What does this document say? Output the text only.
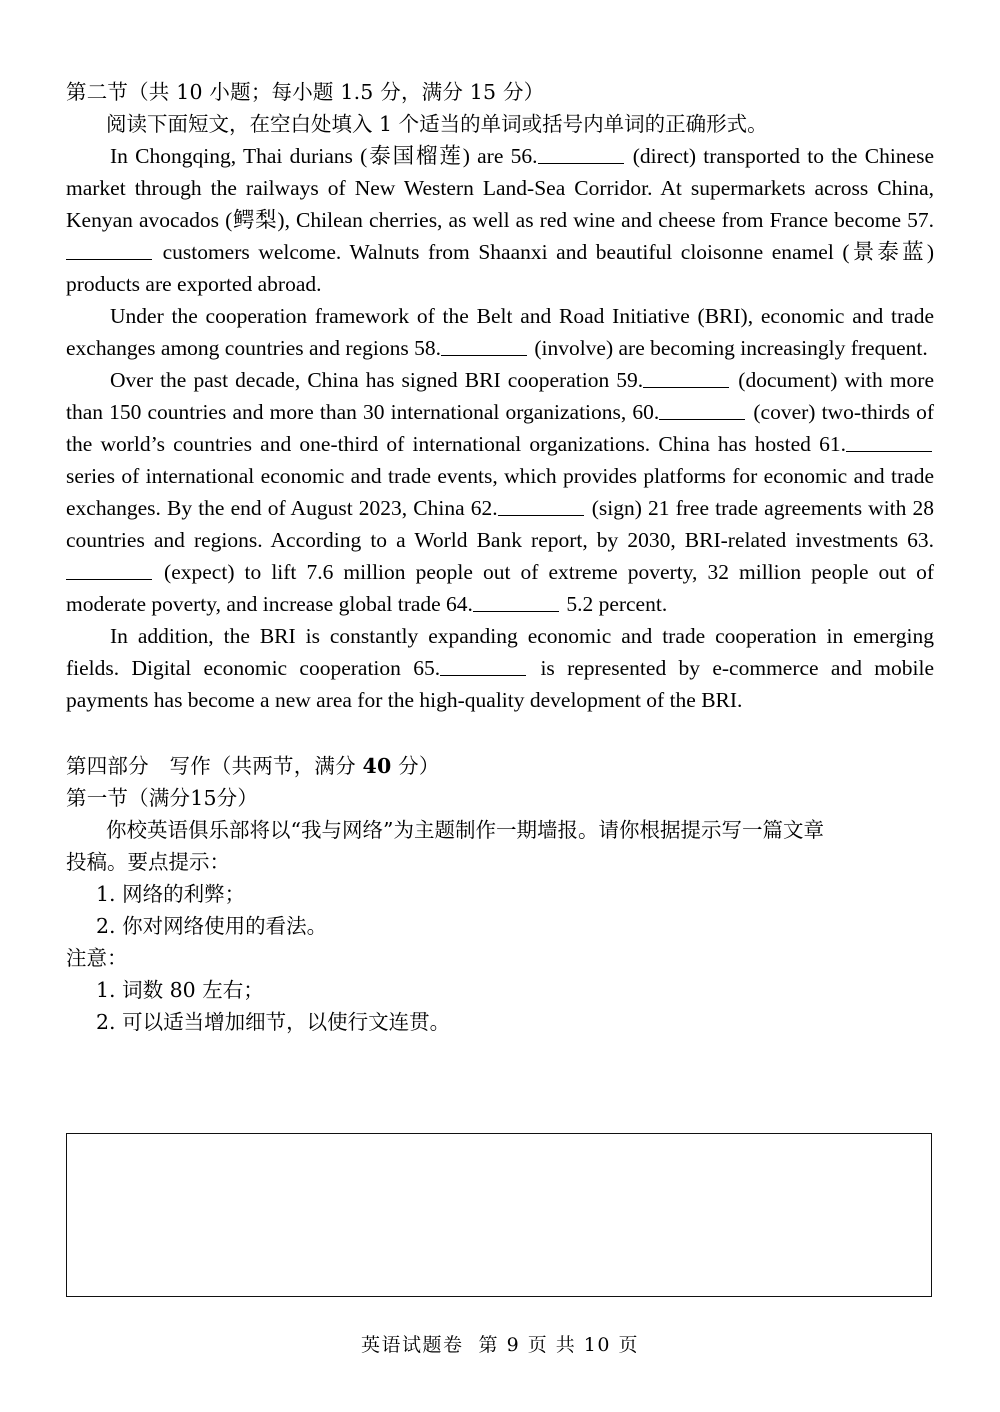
第二节（共 10 小题；每小题 1.5 分，满分 15 分）
阅读下面短文，在空白处填入 1 个适当的单词或括号内单词的正确形式。
In Chongqing, Thai durians (泰国榴莲) are 56.	(direct) transported to the Chinese market through the railways of New Western Land-Sea Corridor. At supermarkets across China, Kenyan avocados (鳄梨), Chilean cherries, as well as red wine and cheese from France become 57. customers welcome. Walnuts from Shaanxi and beautiful cloisonne enamel (景泰蓝) products are exported abroad.
Under the cooperation framework of the Belt and Road Initiative (BRI), economic and trade exchanges among countries and regions 58.	(involve) are becoming increasingly frequent.
Over the past decade, China has signed BRI cooperation 59.	(document) with more than 150 countries and more than 30 international organizations, 60.	(cover) two-thirds of the world’s countries and one-third of international organizations. China has hosted 61. series of international economic and trade events, which provides platforms for economic and trade exchanges. By the end of August 2023, China 62.	(sign) 21 free trade agreements with 28 countries and regions. According to a World Bank report, by 2030, BRI-related investments 63. (expect) to lift 7.6 million people out of extreme poverty, 32 million people out of moderate poverty, and increase global trade 64.	5.2 percent.
In addition, the BRI is constantly expanding economic and trade cooperation in emerging fields. Digital economic cooperation 65.	is represented by e-commerce and mobile payments has become a new area for the high-quality development of the BRI.
第四部分　写作（共两节，满分 40 分）
第一节（满分15分）
你校英语俱乐部将以“我与网络”为主题制作一期墙报。请你根据提示写一篇文章
投稿。要点提示：
1. 网络的利弊；
2. 你对网络使用的看法。
注意：
1. 词数 80 左右；
2. 可以适当增加细节，以使行文连贯。
英语试题卷  第 9 页 共 10 页
